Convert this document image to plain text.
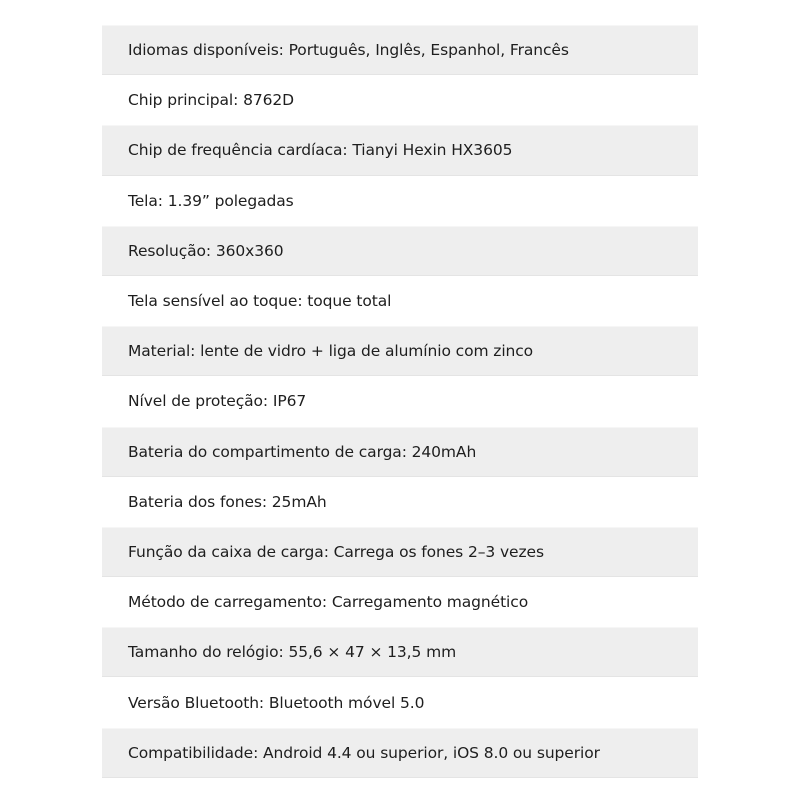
Idiomas disponíveis: Português, Inglês, Espanhol, Francês
Chip principal: 8762D
Chip de frequência cardíaca: Tianyi Hexin HX3605
Tela: 1.39” polegadas
Resolução: 360x360
Tela sensível ao toque: toque total
Material: lente de vidro + liga de alumínio com zinco
Nível de proteção: IP67
Bateria do compartimento de carga: 240mAh
Bateria dos fones: 25mAh
Função da caixa de carga: Carrega os fones 2–3 vezes
Método de carregamento: Carregamento magnético
Tamanho do relógio: 55,6 × 47 × 13,5 mm
Versão Bluetooth: Bluetooth móvel 5.0
Compatibilidade: Android 4.4 ou superior, iOS 8.0 ou superior
